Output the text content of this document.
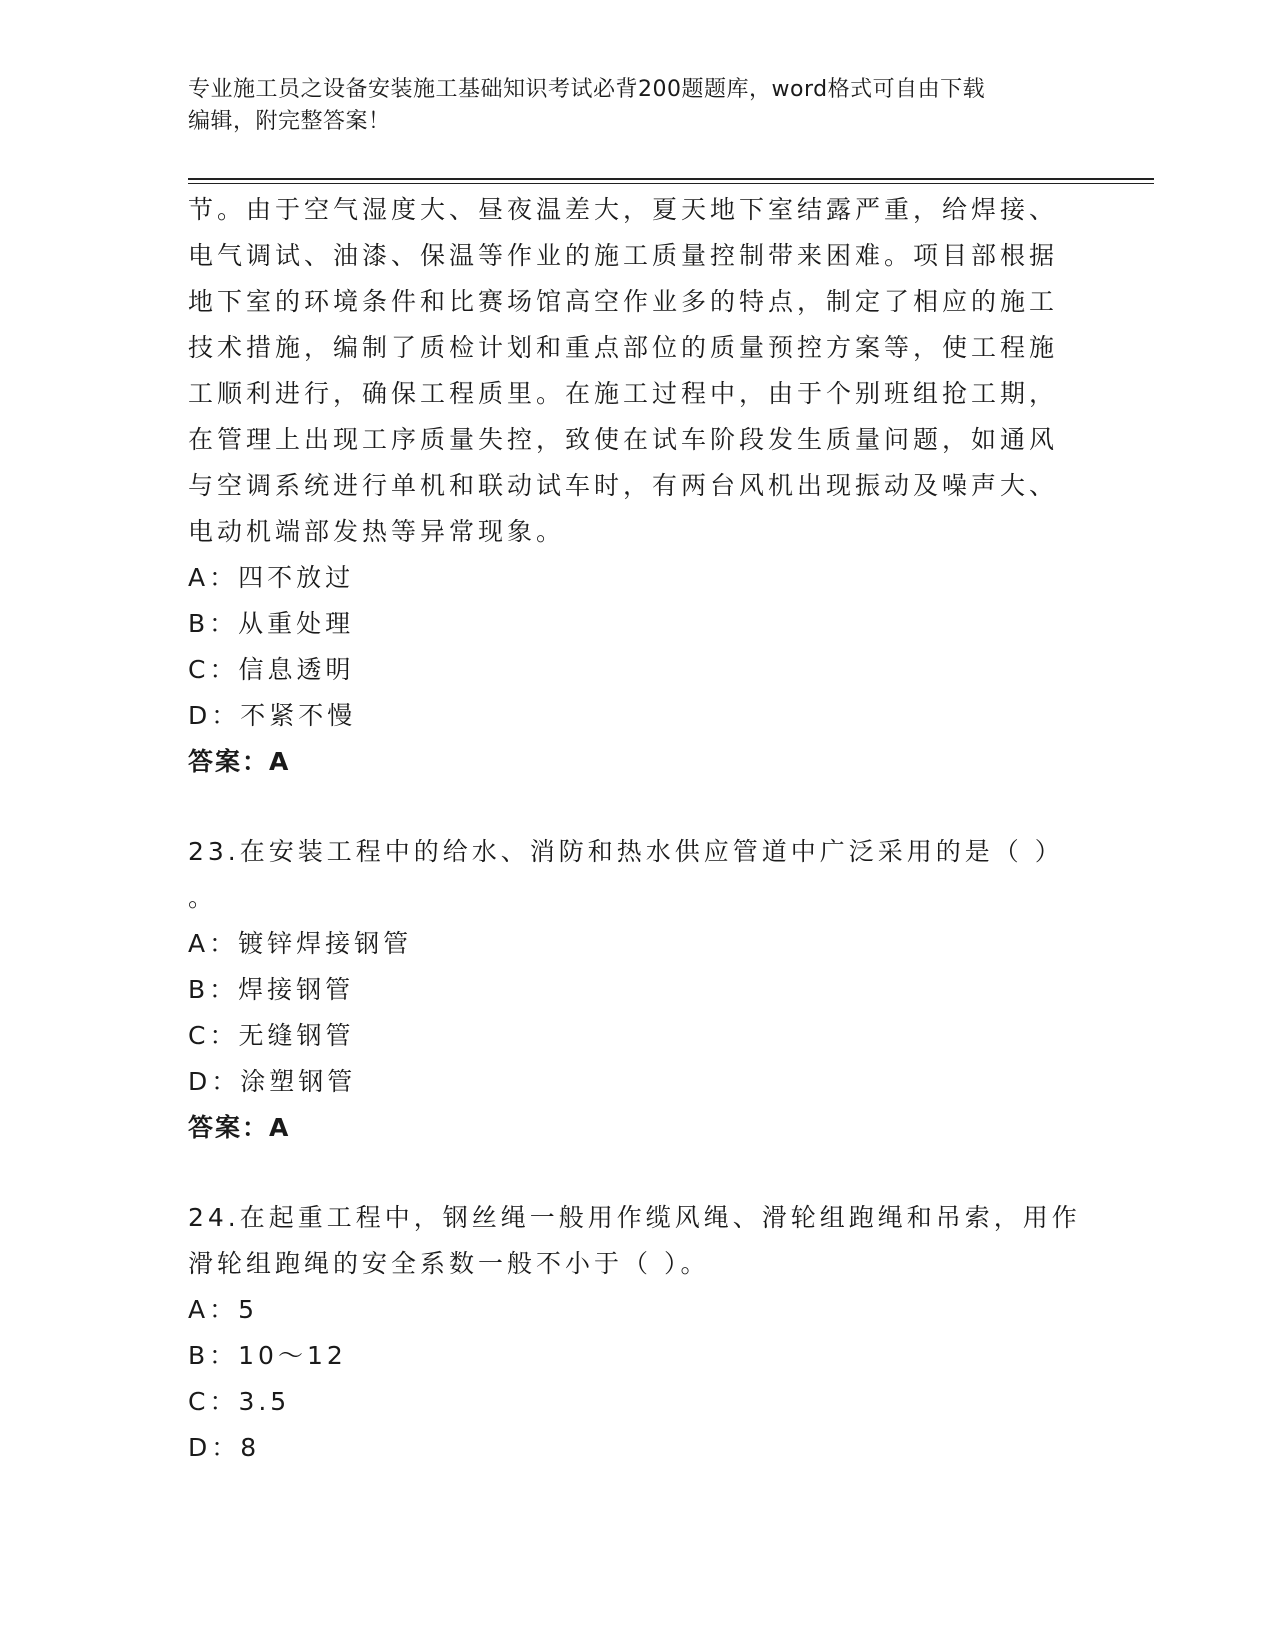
专业施工员之设备安装施工基础知识考试必背200题题库，word格式可自由下载
编辑，附完整答案！
节。由于空气湿度大、昼夜温差大，夏天地下室结露严重，给焊接、
电气调试、油漆、保温等作业的施工质量控制带来困难。项目部根据
地下室的环境条件和比赛场馆高空作业多的特点，制定了相应的施工
技术措施，编制了质检计划和重点部位的质量预控方案等，使工程施
工顺利进行，确保工程质里。在施工过程中，由于个别班组抢工期，
在管理上出现工序质量失控，致使在试车阶段发生质量问题，如通风
与空调系统进行单机和联动试车时，有两台风机出现振动及噪声大、
电动机端部发热等异常现象。
A：四不放过
B：从重处理
C：信息透明
D：不紧不慢
答案：A
23.在安装工程中的给水、消防和热水供应管道中广泛采用的是（ ）
。
A：镀锌焊接钢管
B：焊接钢管
C：无缝钢管
D：涂塑钢管
答案：A
24.在起重工程中，钢丝绳一般用作缆风绳、滑轮组跑绳和吊索，用作
滑轮组跑绳的安全系数一般不小于（ ）。
A：5
B：10～12
C：3.5
D：8
